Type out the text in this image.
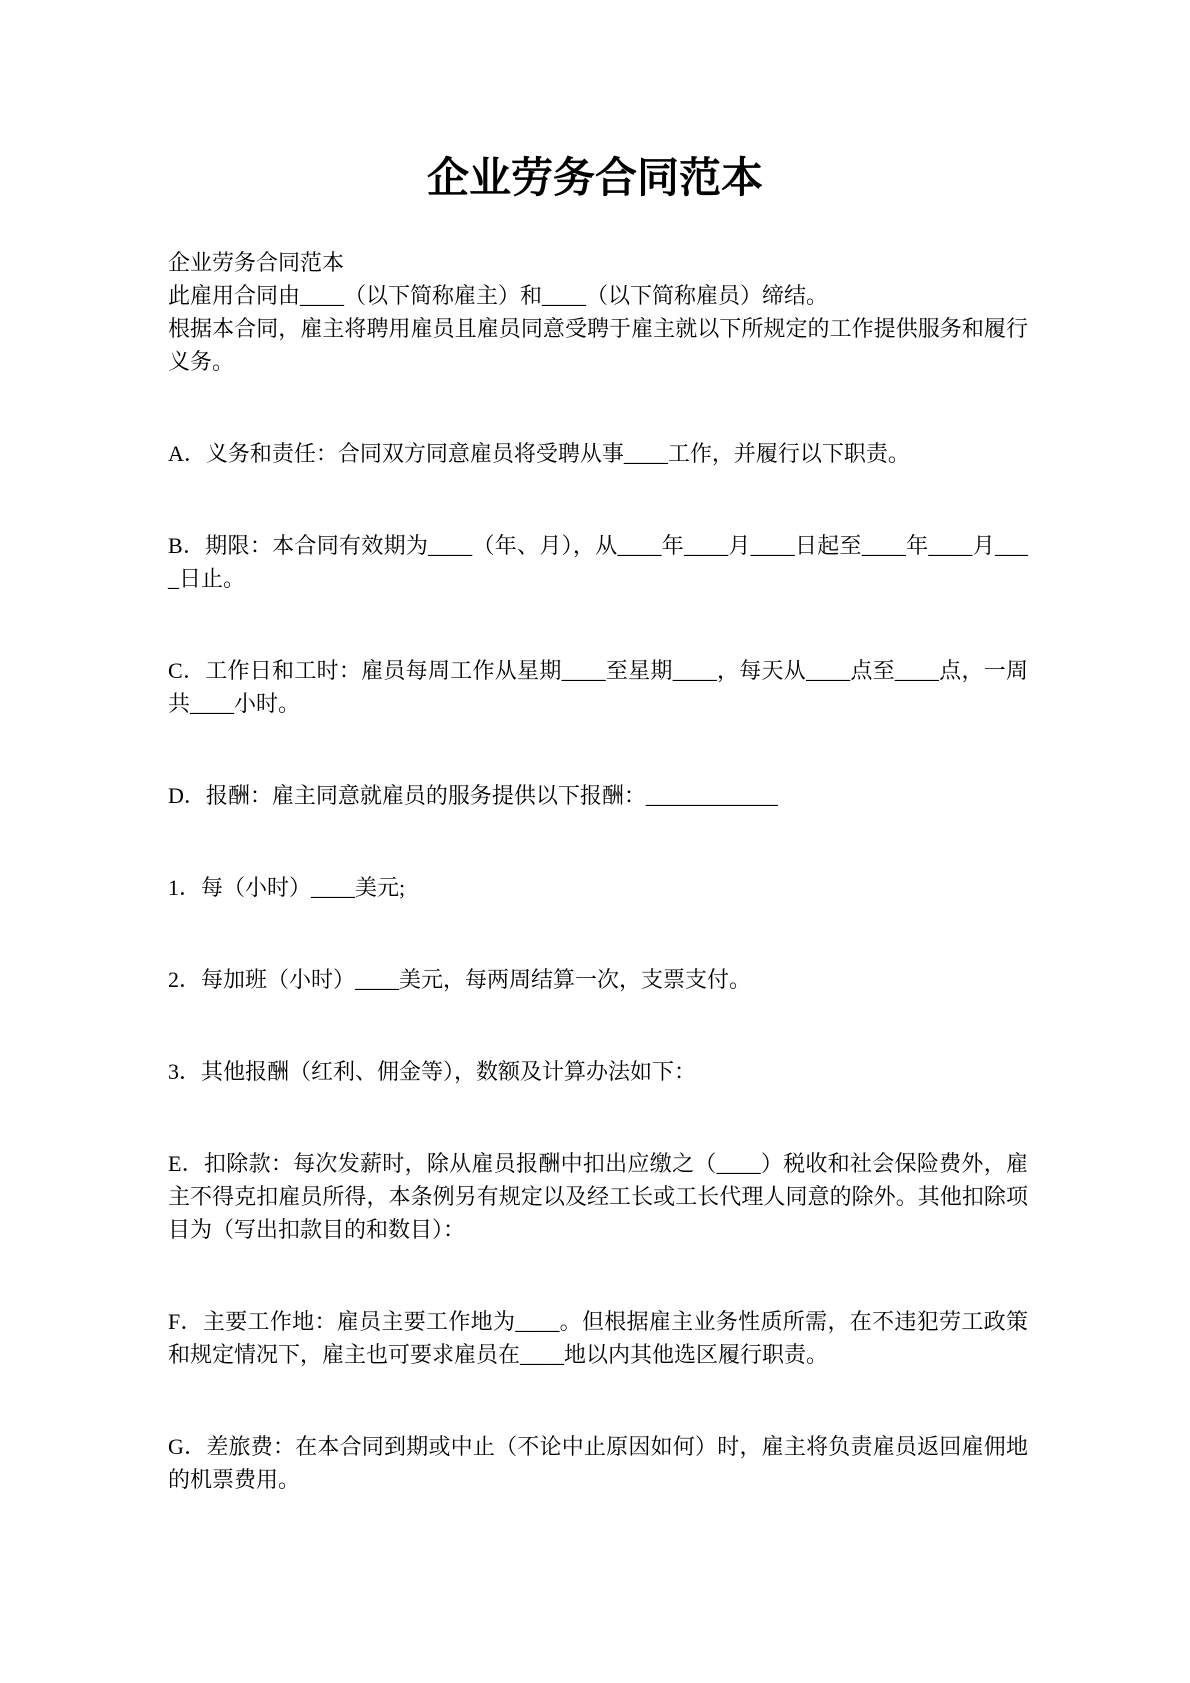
企业劳务合同范本
企业劳务合同范本
此雇用合同由____（以下简称雇主）和____（以下简称雇员）缔结。
根据本合同，雇主将聘用雇员且雇员同意受聘于雇主就以下所规定的工作提供服务和履行义务。
A．义务和责任：合同双方同意雇员将受聘从事____工作，并履行以下职责。
B．期限：本合同有效期为____（年、月），从____年____月____日起至____年____月____日止。
C．工作日和工时：雇员每周工作从星期____至星期____，每天从____点至____点，一周共____小时。
D．报酬：雇主同意就雇员的服务提供以下报酬：____________
1．每（小时）____美元;
2．每加班（小时）____美元，每两周结算一次，支票支付。
3．其他报酬（红利、佣金等），数额及计算办法如下：
E．扣除款：每次发薪时，除从雇员报酬中扣出应缴之（____）税收和社会保险费外，雇主不得克扣雇员所得，本条例另有规定以及经工长或工长代理人同意的除外。其他扣除项目为（写出扣款目的和数目）：
F．主要工作地：雇员主要工作地为____。但根据雇主业务性质所需，在不违犯劳工政策和规定情况下，雇主也可要求雇员在____地以内其他选区履行职责。
G．差旅费：在本合同到期或中止（不论中止原因如何）时，雇主将负责雇员返回雇佣地的机票费用。
